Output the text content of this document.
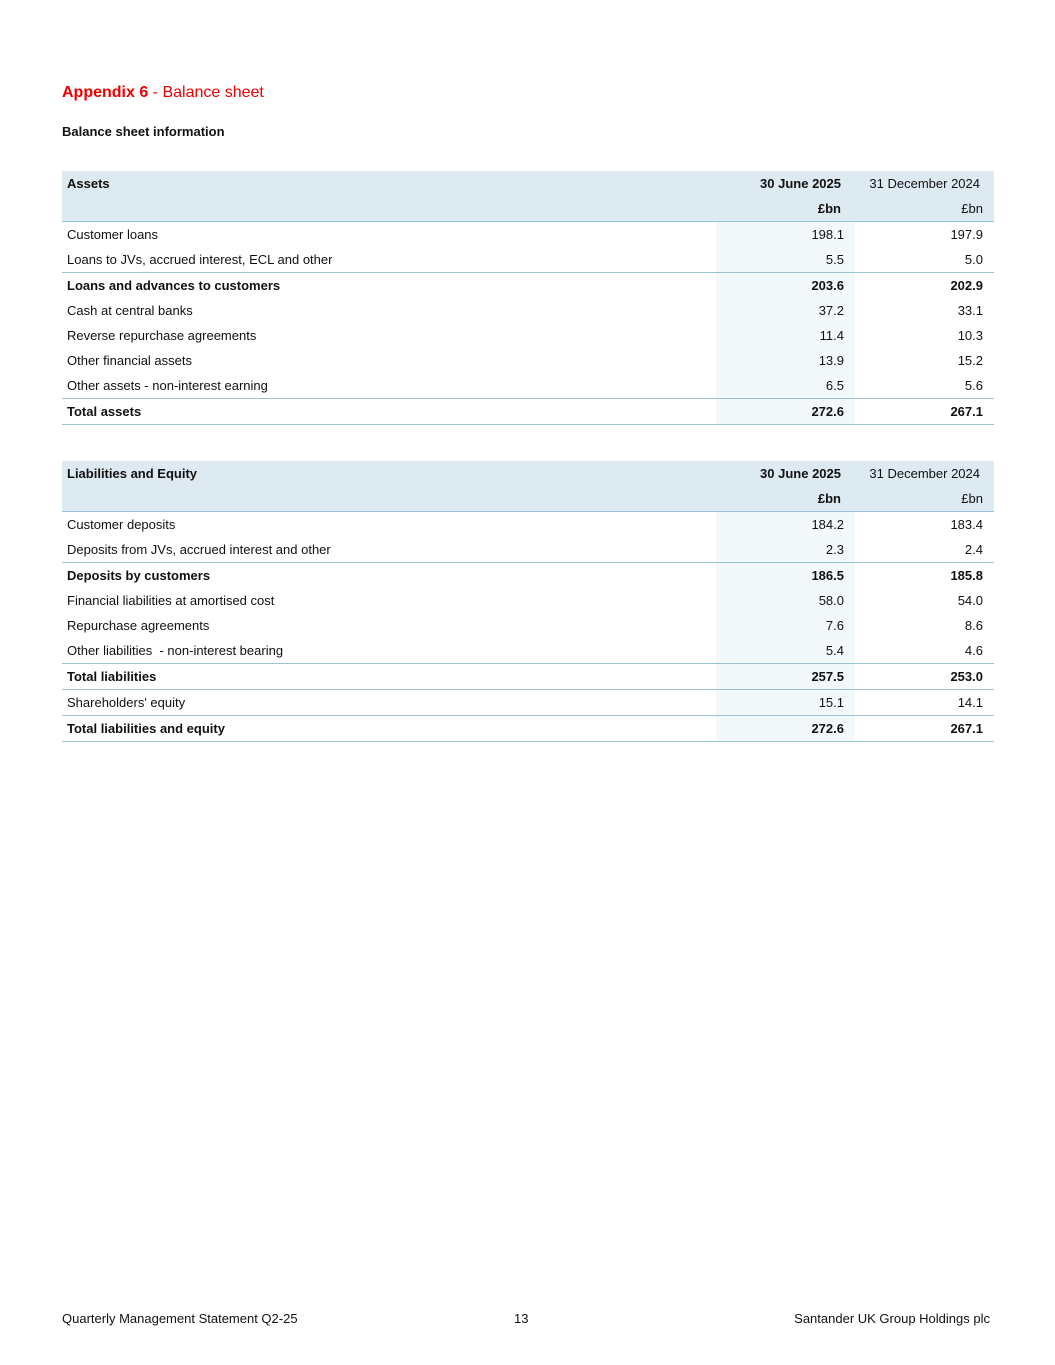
Appendix 6 - Balance sheet
Balance sheet information
Assets	30 June 2025	31 December 2024
	£bn	£bn
Customer loans	198.1	197.9
Loans to JVs, accrued interest, ECL and other	5.5	5.0
Loans and advances to customers	203.6	202.9
Cash at central banks	37.2	33.1
Reverse repurchase agreements	11.4	10.3
Other financial assets	13.9	15.2
Other assets - non-interest earning	6.5	5.6
Total assets	272.6	267.1
Liabilities and Equity	30 June 2025	31 December 2024
	£bn	£bn
Customer deposits	184.2	183.4
Deposits from JVs, accrued interest and other	2.3	2.4
Deposits by customers	186.5	185.8
Financial liabilities at amortised cost	58.0	54.0
Repurchase agreements	7.6	8.6
Other liabilities  - non-interest bearing	5.4	4.6
Total liabilities	257.5	253.0
Shareholders' equity	15.1	14.1
Total liabilities and equity	272.6	267.1
Quarterly Management Statement Q2-25	13	Santander UK Group Holdings plc
